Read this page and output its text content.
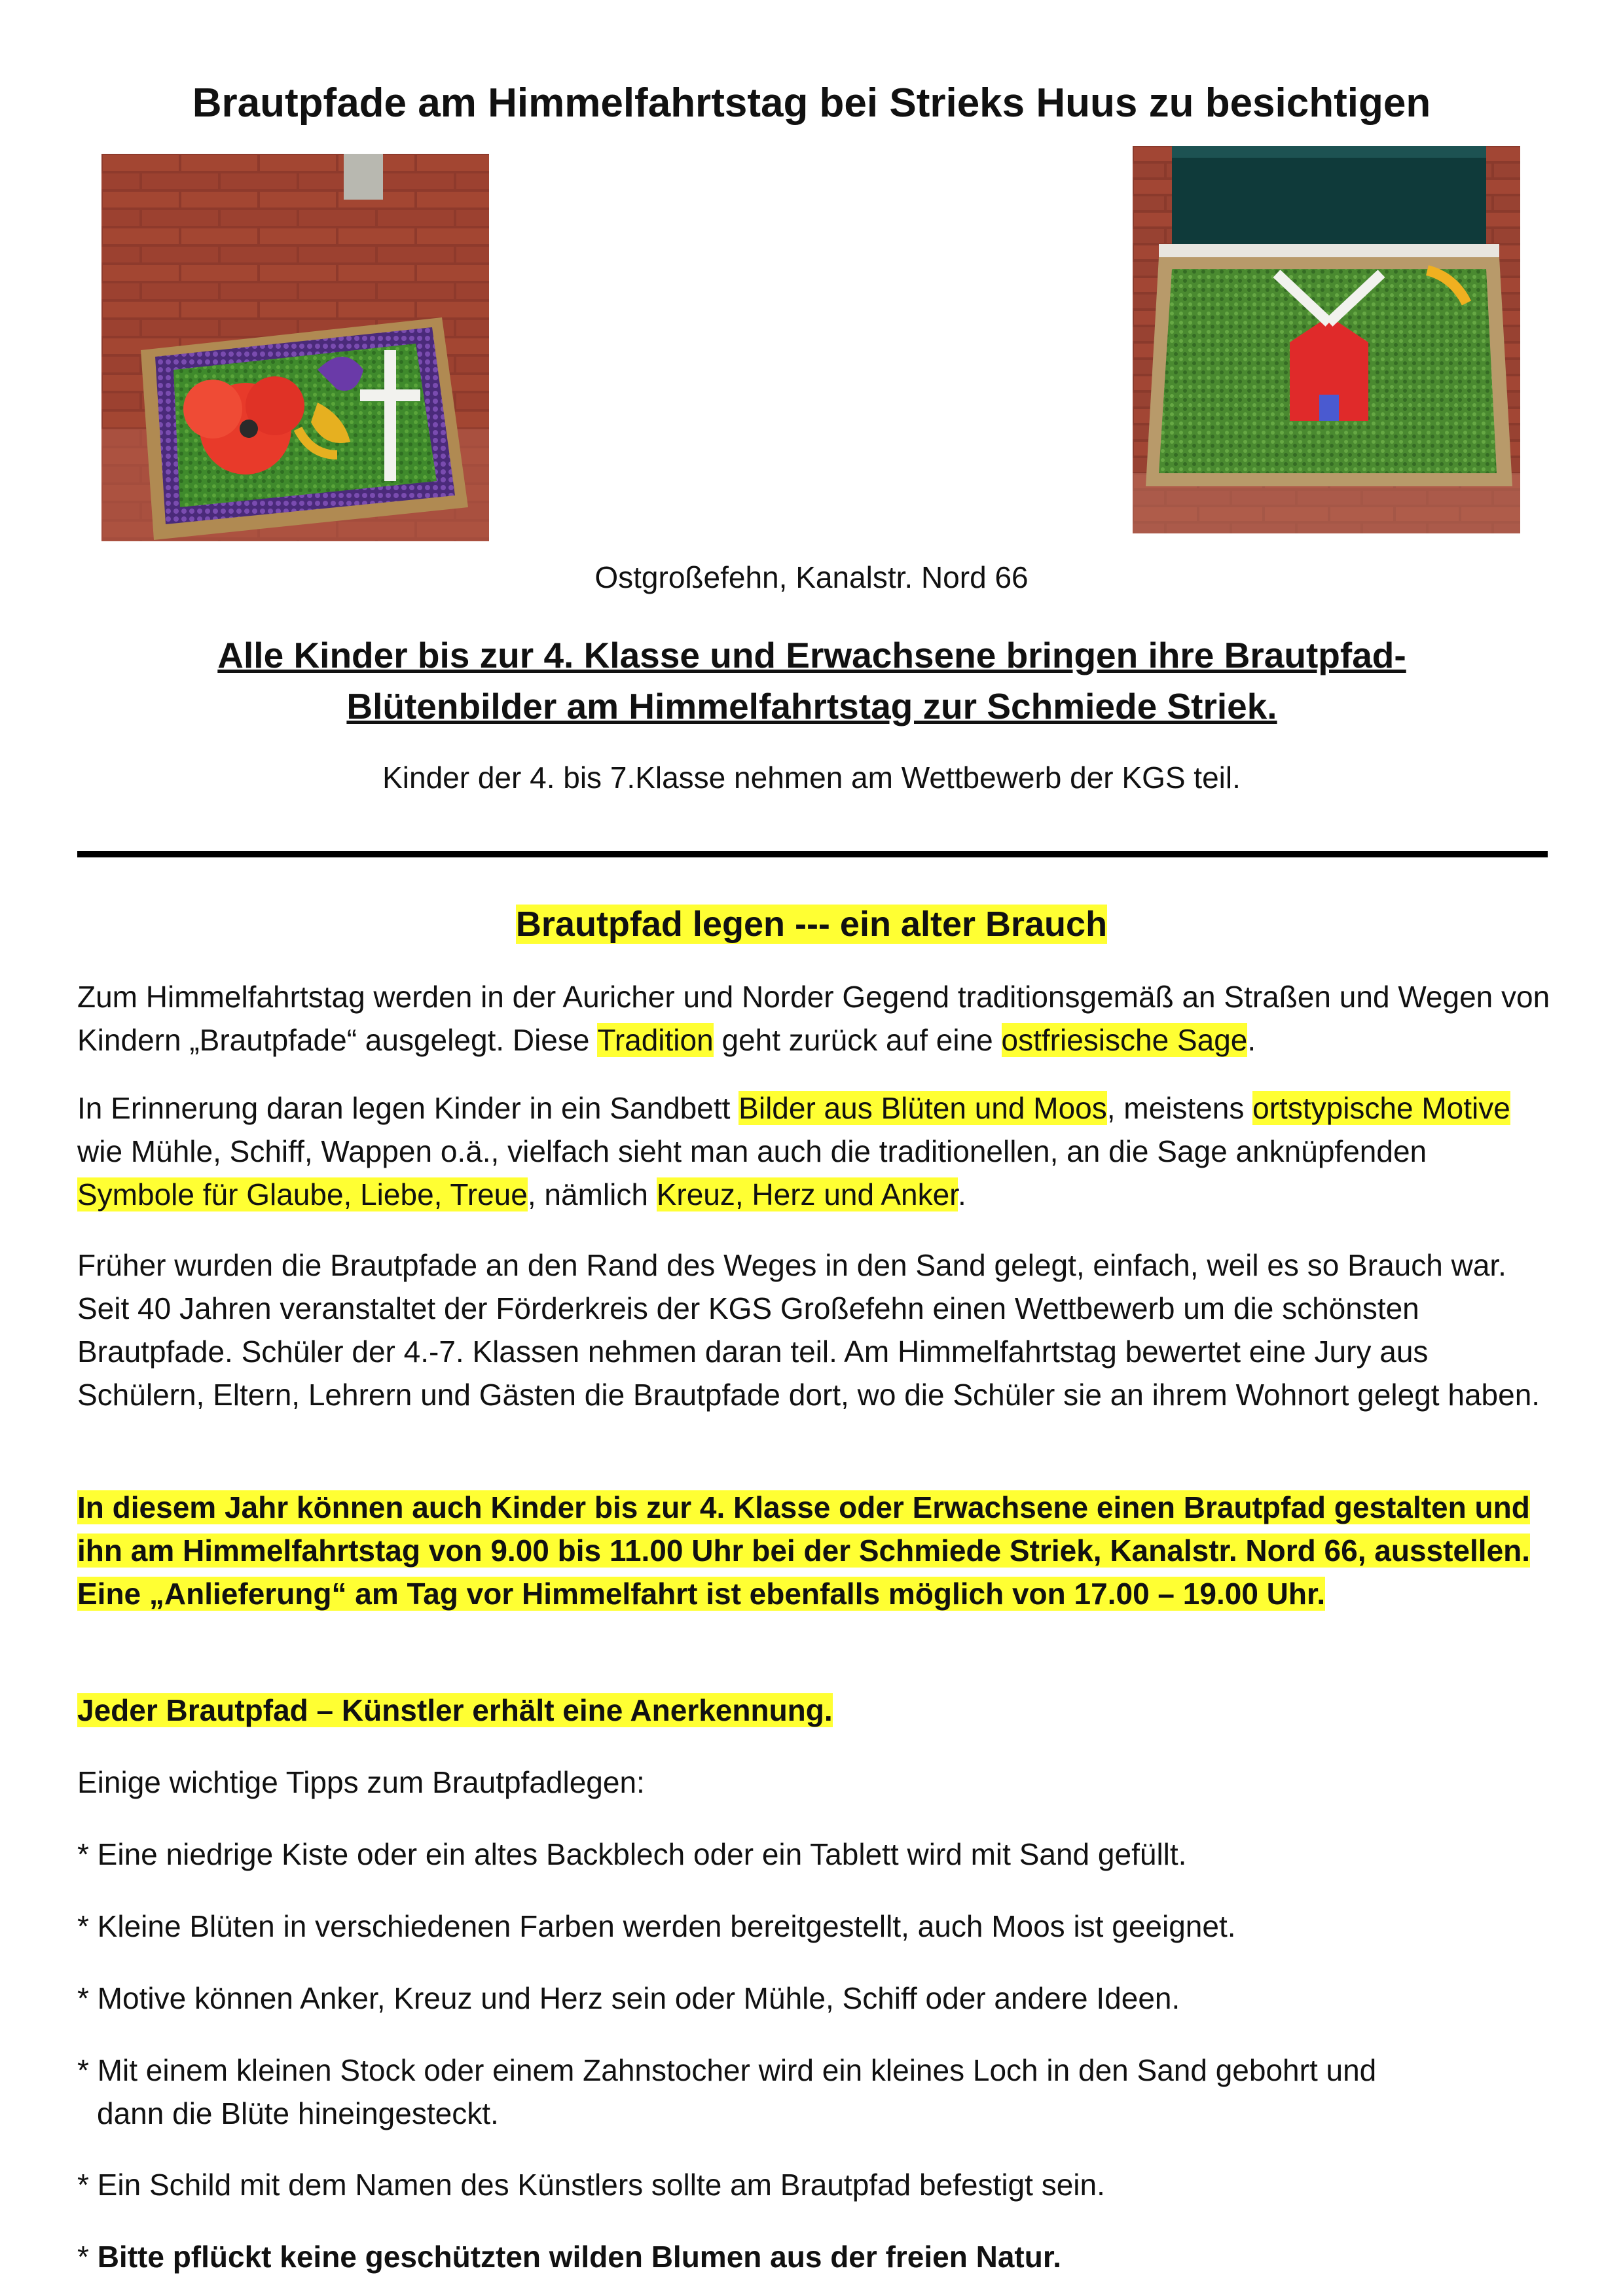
Brautpfade am Himmelfahrtstag bei Strieks Huus zu besichtigen
Ostgroßefehn, Kanalstr. Nord 66
Alle Kinder bis zur 4. Klasse und Erwachsene bringen ihre Brautpfad-
Blütenbilder am Himmelfahrtstag zur Schmiede Striek.
Kinder der 4. bis 7.Klasse nehmen am Wettbewerb der KGS teil.
Brautpfad legen --- ein alter Brauch

Zum Himmelfahrtstag werden in der Auricher und Norder Gegend traditionsgemäß an Straßen und Wegen von Kindern „Brautpfade“ ausgelegt. Diese Tradition geht zurück auf eine ostfriesische Sage.

In Erinnerung daran legen Kinder in ein Sandbett Bilder aus Blüten und Moos, meistens ortstypische Motive wie Mühle, Schiff, Wappen o.ä., vielfach sieht man auch die traditionellen, an die Sage anknüpfenden Symbole für Glaube, Liebe, Treue, nämlich Kreuz, Herz und Anker.

Früher wurden die Brautpfade an den Rand des Weges in den Sand gelegt, einfach, weil es so Brauch war. Seit 40 Jahren veranstaltet der Förderkreis der KGS Großefehn einen Wettbewerb um die schönsten Brautpfade. Schüler der 4.-7. Klassen nehmen daran teil. Am Himmelfahrtstag bewertet eine Jury aus Schülern, Eltern, Lehrern und Gästen die Brautpfade dort, wo die Schüler sie an ihrem Wohnort gelegt haben.

In diesem Jahr können auch Kinder bis zur 4. Klasse oder Erwachsene einen Brautpfad gestalten und ihn am Himmelfahrtstag von 9.00 bis 11.00 Uhr bei der Schmiede Striek, Kanalstr. Nord 66, ausstellen. Eine „Anlieferung“ am Tag vor Himmelfahrt ist ebenfalls möglich von 17.00 – 19.00 Uhr.

Jeder Brautpfad – Künstler erhält eine Anerkennung.

Einige wichtige Tipps zum Brautpfadlegen:

* Eine niedrige Kiste oder ein altes Backblech oder ein Tablett wird mit Sand gefüllt.

* Kleine Blüten in verschiedenen Farben werden bereitgestellt, auch Moos ist geeignet.

* Motive können Anker, Kreuz und Herz sein oder Mühle, Schiff oder andere Ideen.

* Mit einem kleinen Stock oder einem Zahnstocher wird ein kleines Loch in den Sand gebohrt und
dann die Blüte hineingesteckt.

* Ein Schild mit dem Namen des Künstlers sollte am Brautpfad befestigt sein.

* Bitte pflückt keine geschützten wilden Blumen aus der freien Natur.
